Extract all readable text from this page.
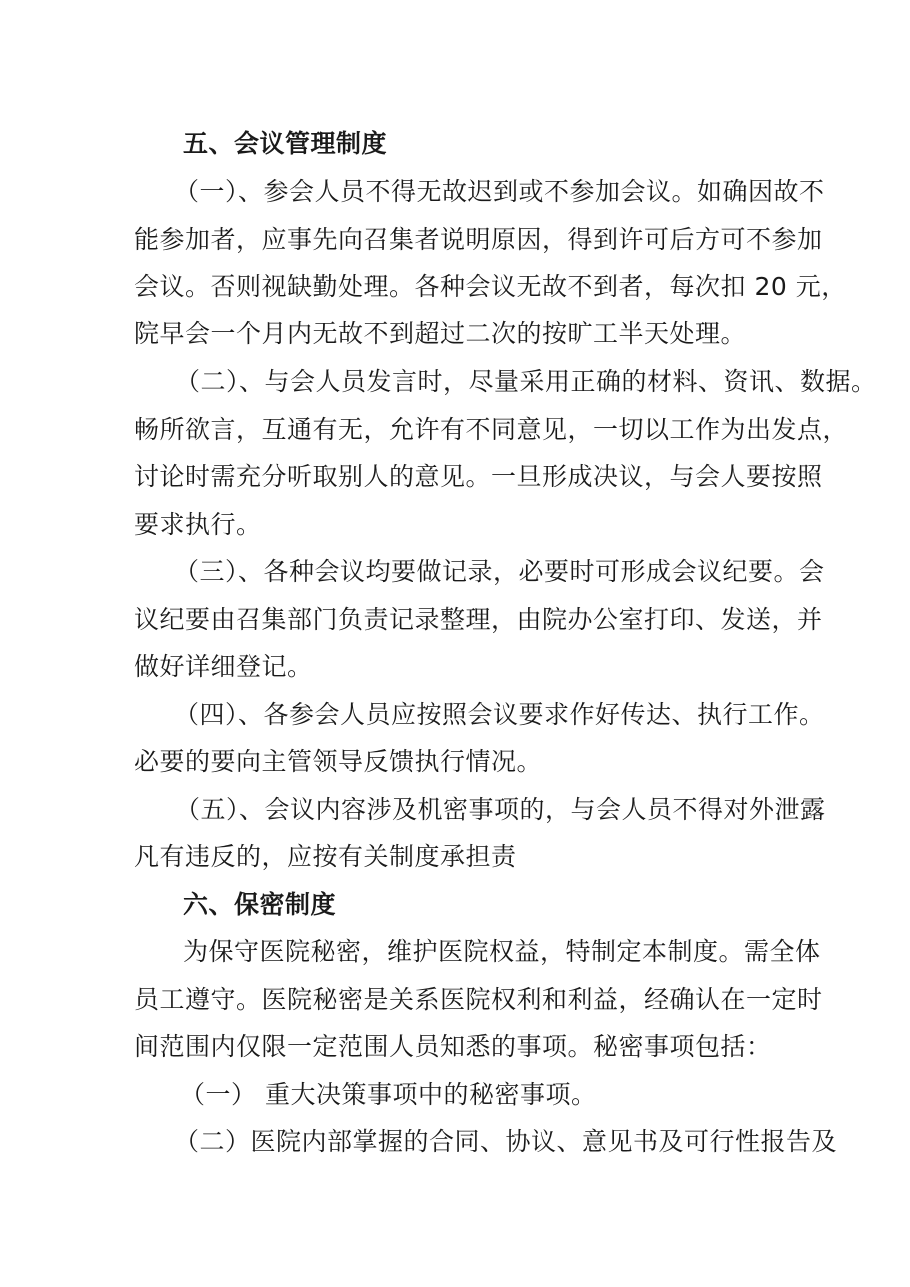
五、会议管理制度
（一）、参会人员不得无故迟到或不参加会议。如确因故不
能参加者，应事先向召集者说明原因，得到许可后方可不参加
会议。否则视缺勤处理。各种会议无故不到者，每次扣 20 元，
院早会一个月内无故不到超过二次的按旷工半天处理。
（二）、与会人员发言时，尽量采用正确的材料、资讯、数据。
畅所欲言，互通有无，允许有不同意见，一切以工作为出发点，
讨论时需充分听取别人的意见。一旦形成决议，与会人要按照
要求执行。
（三）、各种会议均要做记录，必要时可形成会议纪要。会
议纪要由召集部门负责记录整理，由院办公室打印、发送，并
做好详细登记。
（四）、各参会人员应按照会议要求作好传达、执行工作。
必要的要向主管领导反馈执行情况。
（五）、会议内容涉及机密事项的，与会人员不得对外泄露
凡有违反的，应按有关制度承担责
六、保密制度
为保守医院秘密，维护医院权益，特制定本制度。需全体
员工遵守。医院秘密是关系医院权利和利益，经确认在一定时
间范围内仅限一定范围人员知悉的事项。秘密事项包括：
（一） 重大决策事项中的秘密事项。
（二）医院内部掌握的合同、协议、意见书及可行性报告及
